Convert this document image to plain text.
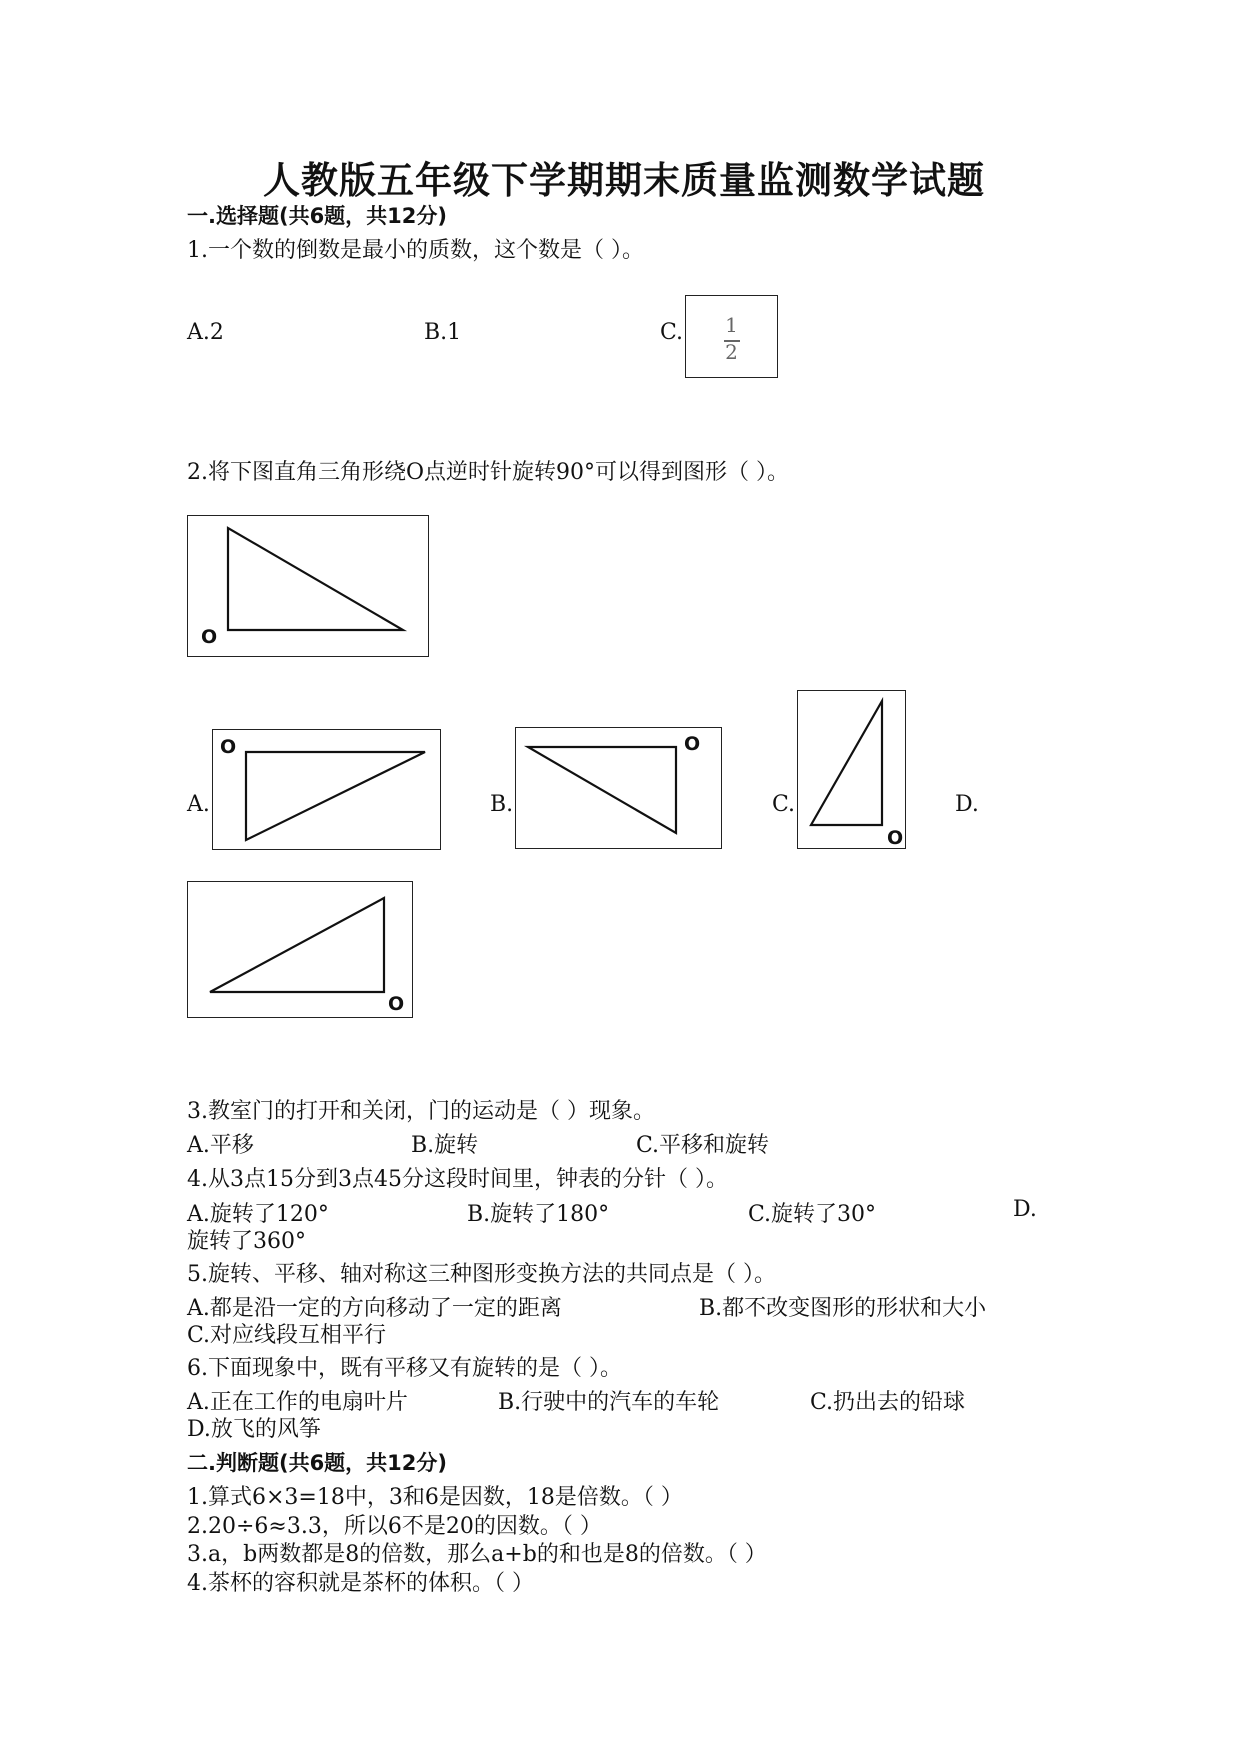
人教版五年级下学期期末质量监测数学试题
一.选择题(共6题，共12分)
1.一个数的倒数是最小的质数，这个数是（ ）。
A.2	B.1	C.	1
2
2.将下图直角三角形绕O点逆时针旋转90°可以得到图形（ ）。
O
A.	B.	C.	D.
O	O
O
O
3.教室门的打开和关闭，门的运动是（ ）现象。
A.平移	B.旋转	C.平移和旋转
4.从3点15分到3点45分这段时间里，钟表的分针（ ）。
A.旋转了120°	B.旋转了180°	C.旋转了30°	D.
旋转了360°
5.旋转、平移、轴对称这三种图形变换方法的共同点是（ ）。
A.都是沿一定的方向移动了一定的距离	B.都不改变图形的形状和大小
C.对应线段互相平行
6.下面现象中，既有平移又有旋转的是（ ）。
A.正在工作的电扇叶片	B.行驶中的汽车的车轮	C.扔出去的铅球
D.放飞的风筝
二.判断题(共6题，共12分)
1.算式6×3=18中，3和6是因数，18是倍数。（ ）
2.20÷6≈3.3，所以6不是20的因数。（ ）
3.a，b两数都是8的倍数，那么a+b的和也是8的倍数。（ ）
4.茶杯的容积就是茶杯的体积。（ ）
